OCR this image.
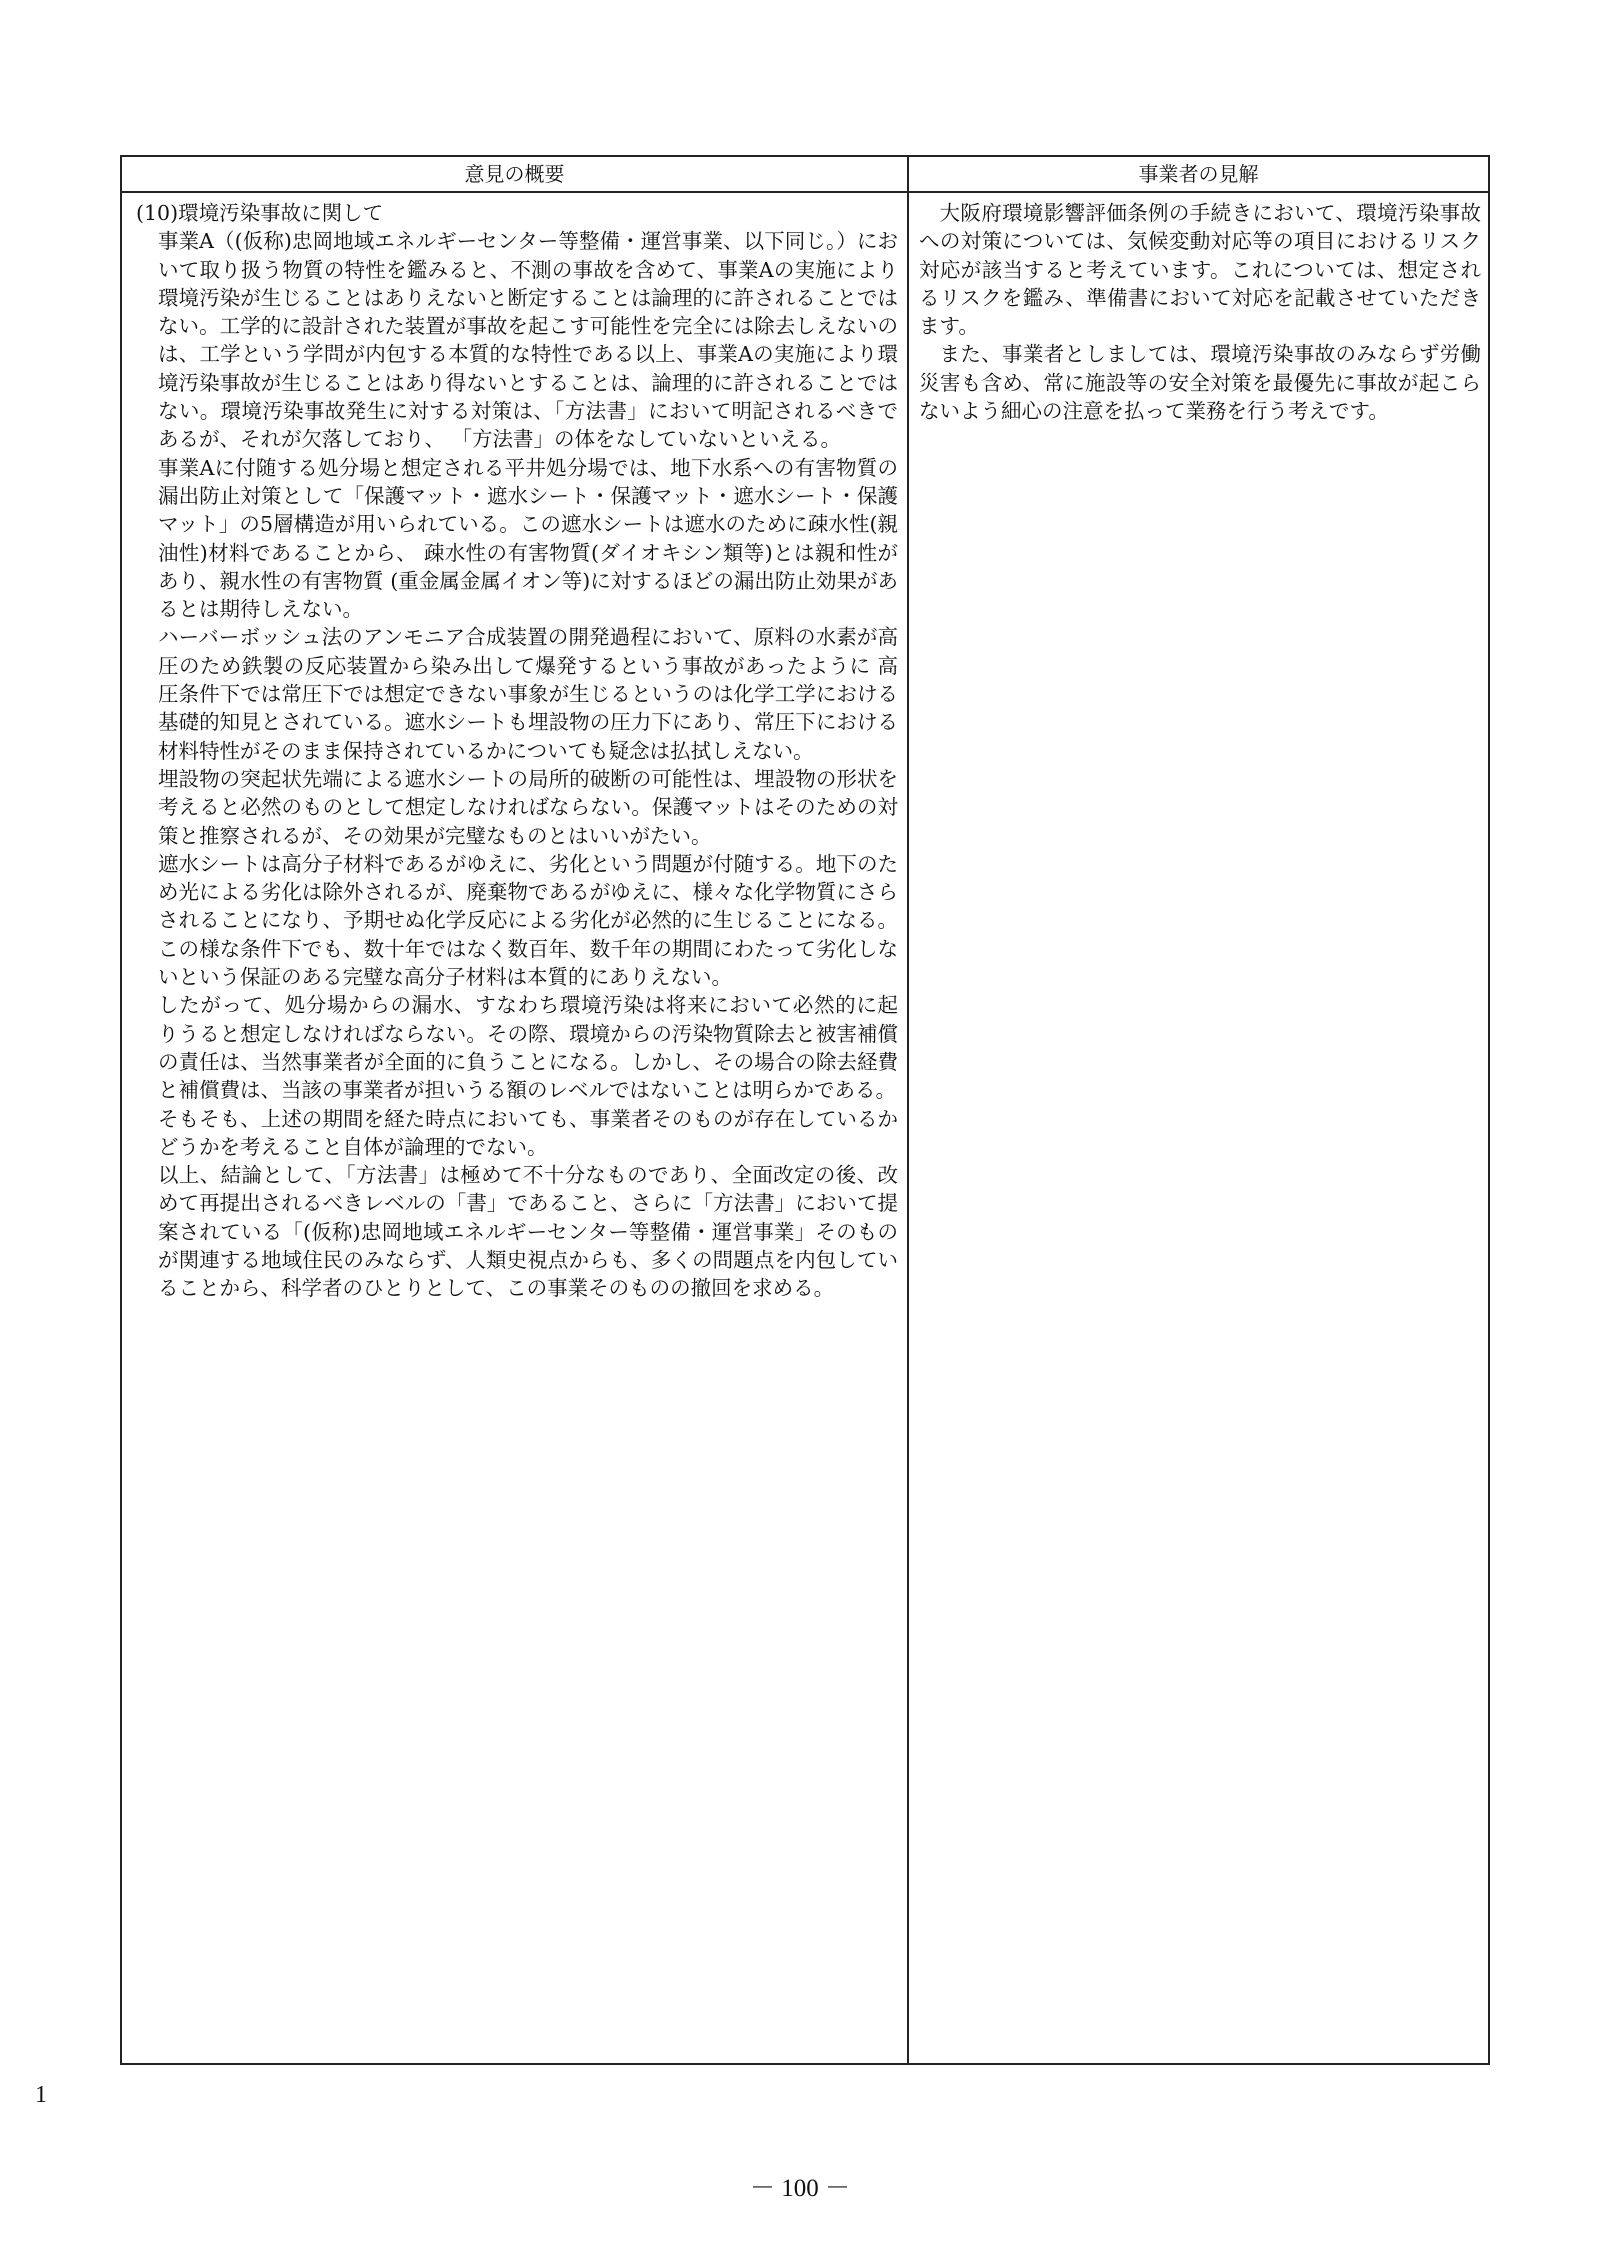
意見の概要	事業者の見解

(10)環境汚染事故に関して

事業A（(仮称)忠岡地域エネルギーセンター等整備・運営事業、以下同じ。）において取り扱う物質の特性を鑑みると、不測の事故を含めて、事業Aの実施により環境汚染が生じることはありえないと断定することは論理的に許されることではない。工学的に設計された装置が事故を起こす可能性を完全には除去しえないのは、工学という学問が内包する本質的な特性である以上、事業Aの実施により環境汚染事故が生じることはあり得ないとすることは、論理的に許されることではない。環境汚染事故発生に対する対策は、「方法書」において明記されるべきであるが、それが欠落しており、 「方法書」の体をなしていないといえる。

事業Aに付随する処分場と想定される平井処分場では、地下水系への有害物質の漏出防止対策として「保護マット・遮水シート・保護マット・遮水シート・保護マット」の5層構造が用いられている。この遮水シートは遮水のために疎水性(親油性)材料であることから、 疎水性の有害物質(ダイオキシン類等)とは親和性があり、親水性の有害物質 (重金属金属イオン等)に対するほどの漏出防止効果があるとは期待しえない。

ハーバーボッシュ法のアンモニア合成装置の開発過程において、原料の水素が高圧のため鉄製の反応装置から染み出して爆発するという事故があったように 高圧条件下では常圧下では想定できない事象が生じるというのは化学工学における基礎的知見とされている。遮水シートも埋設物の圧力下にあり、常圧下における材料特性がそのまま保持されているかについても疑念は払拭しえない。

埋設物の突起状先端による遮水シートの局所的破断の可能性は、埋設物の形状を考えると必然のものとして想定しなければならない。保護マットはそのための対策と推察されるが、その効果が完璧なものとはいいがたい。

遮水シートは高分子材料であるがゆえに、劣化という問題が付随する。地下のため光による劣化は除外されるが、廃棄物であるがゆえに、様々な化学物質にさらされることになり、予期せぬ化学反応による劣化が必然的に生じることになる。この様な条件下でも、数十年ではなく数百年、数千年の期間にわたって劣化しないという保証のある完璧な高分子材料は本質的にありえない。

したがって、処分場からの漏水、すなわち環境汚染は将来において必然的に起 りうると想定しなければならない。その際、環境からの汚染物質除去と被害補償の責任は、当然事業者が全面的に負うことになる。しかし、その場合の除去経費と補償費は、当該の事業者が担いうる額のレベルではないことは明らかである。

そもそも、上述の期間を経た時点においても、事業者そのものが存在しているかどうかを考えること自体が論理的でない。

以上、結論として、「方法書」は極めて不十分なものであり、全面改定の後、改めて再提出されるべきレベルの「書」であること、さらに「方法書」において提案されている「(仮称)忠岡地域エネルギーセンター等整備・運営事業」そのものが関連する地域住民のみならず、人類史視点からも、多くの問題点を内包していることから、科学者のひとりとして、この事業そのものの撤回を求める。

大阪府環境影響評価条例の手続きにおいて、環境汚染事故への対策については、気候変動対応等の項目におけるリスク対応が該当すると考えています。これについては、想定されるリスクを鑑み、準備書において対応を記載させていただきます。

また、事業者としましては、環境汚染事故のみならず労働災害も含め、常に施設等の安全対策を最優先に事故が起こらないよう細心の注意を払って業務を行う考えです。

1
－ 100 －
